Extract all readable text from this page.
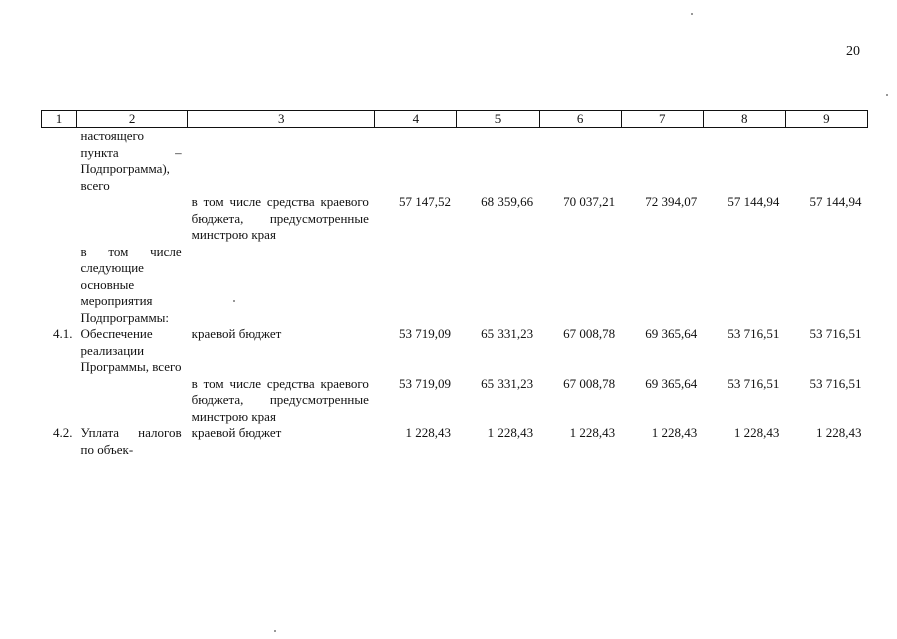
20
1	2	3	4	5	6	7	8	9
	настоящего пункта – Подпрограмма), всего							
		в том числе средства краевого бюджета, предусмотренные минстрою края	57 147,52	68 359,66	70 037,21	72 394,07	57 144,94	57 144,94
	в том числе следующие основные мероприятия Подпрограммы:							
4.1.	Обеспечение реализации Программы, всего	краевой бюджет	53 719,09	65 331,23	67 008,78	69 365,64	53 716,51	53 716,51
		в том числе средства краевого бюджета, предусмотренные минстрою края	53 719,09	65 331,23	67 008,78	69 365,64	53 716,51	53 716,51
4.2.	Уплата налогов по объек-	краевой бюджет	1 228,43	1 228,43	1 228,43	1 228,43	1 228,43	1 228,43
